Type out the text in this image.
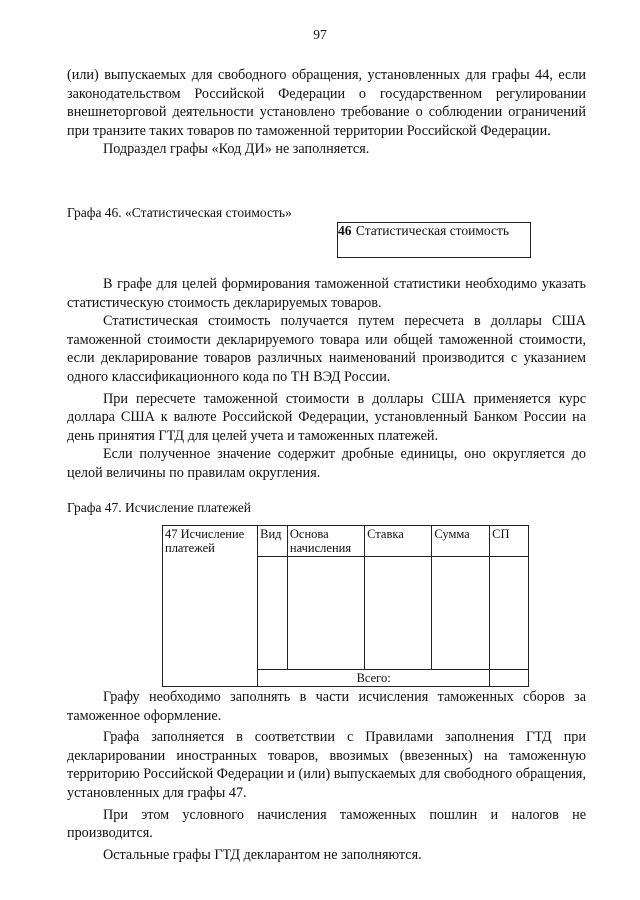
97

(или) выпускаемых для свободного обращения, установленных для графы 44, если законодательством Российской Федерации о государственном регулировании внешнеторговой деятельности установлено требование о соблюдении ограничений при транзите таких товаров по таможенной территории Российской Федерации.

Подраздел графы «Код ДИ» не заполняется.

Графа 46. «Статистическая стоимость»
46 Статистическая стоимость

В графе для целей формирования таможенной статистики необходимо указать статистическую стоимость декларируемых товаров.

Статистическая стоимость получается путем пересчета в доллары США таможенной стоимости декларируемого товара или общей таможенной стоимости, если декларирование товаров различных наименований производится с указанием одного классификационного кода по ТН ВЭД России.

При пересчете таможенной стоимости в доллары США применяется курс доллара США к валюте Российской Федерации, установленный Банком России на день принятия ГТД для целей учета и таможенных платежей.

Если полученное значение содержит дробные единицы, оно округляется до целой величины по правилам округления.

Графа 47. Исчисление платежей
47 Исчисление платежей	Вид	Основа начисления	Ставка	Сумма	СП

	Всего:				

Графу необходимо заполнять в части исчисления таможенных сборов за таможенное оформление.

Графа заполняется в соответствии с Правилами заполнения ГТД при декларировании иностранных товаров, ввозимых (ввезенных) на таможенную территорию Российской Федерации и (или) выпускаемых для свободного обращения, установленных для графы 47.

При этом условного начисления таможенных пошлин и налогов не производится.

Остальные графы ГТД декларантом не заполняются.
